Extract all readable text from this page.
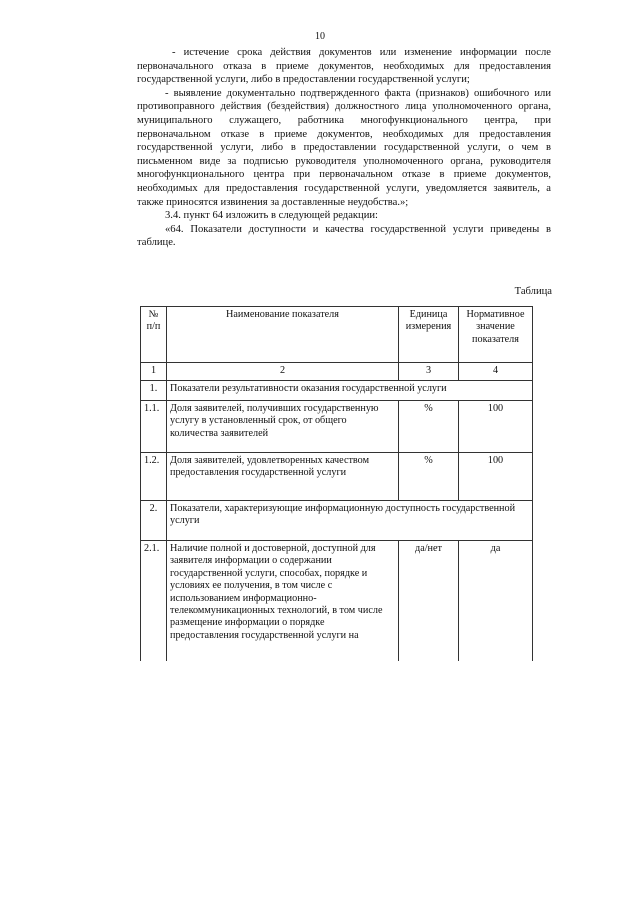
10

- истечение срока действия документов или изменение информации после первоначального отказа в приеме документов, необходимых для предоставления государственной услуги, либо в предоставлении государственной услуги;

- выявление документально подтвержденного факта (признаков) ошибочного или противоправного действия (бездействия) должностного лица уполномоченного органа, муниципального служащего, работника многофункционального центра, при первоначальном отказе в приеме документов, необходимых для предоставления государственной услуги, либо в предоставлении государственной услуги, о чем в письменном виде за подписью руководителя уполномоченного органа, руководителя многофункционального центра при первоначальном отказе в приеме документов, необходимых для предоставления государственной услуги, уведомляется заявитель, а также приносятся извинения за доставленные неудобства.»;

3.4. пункт 64 изложить в следующей редакции:

«64. Показатели доступности и качества государственной услуги приведены в таблице.

Таблица
№ п/п	Наименование показателя	Единица измерения	Нормативное значение показателя
1	2	3	4
1.	Показатели результативности оказания государственной услуги		
1.1.	Доля заявителей, получивших государственную услугу в установленный срок, от общего количества заявителей	%	100
1.2.	Доля заявителей, удовлетворенных качеством предоставления государственной услуги	%	100
2.	Показатели, характеризующие информационную доступность государственной услуги		
2.1.	Наличие полной и достоверной, доступной для заявителя информации о содержании государственной услуги, способах, порядке и условиях ее получения, в том числе с использованием информационно-телекоммуникационных технологий, в том числе размещение информации о порядке предоставления государственной услуги на	да/нет	да
